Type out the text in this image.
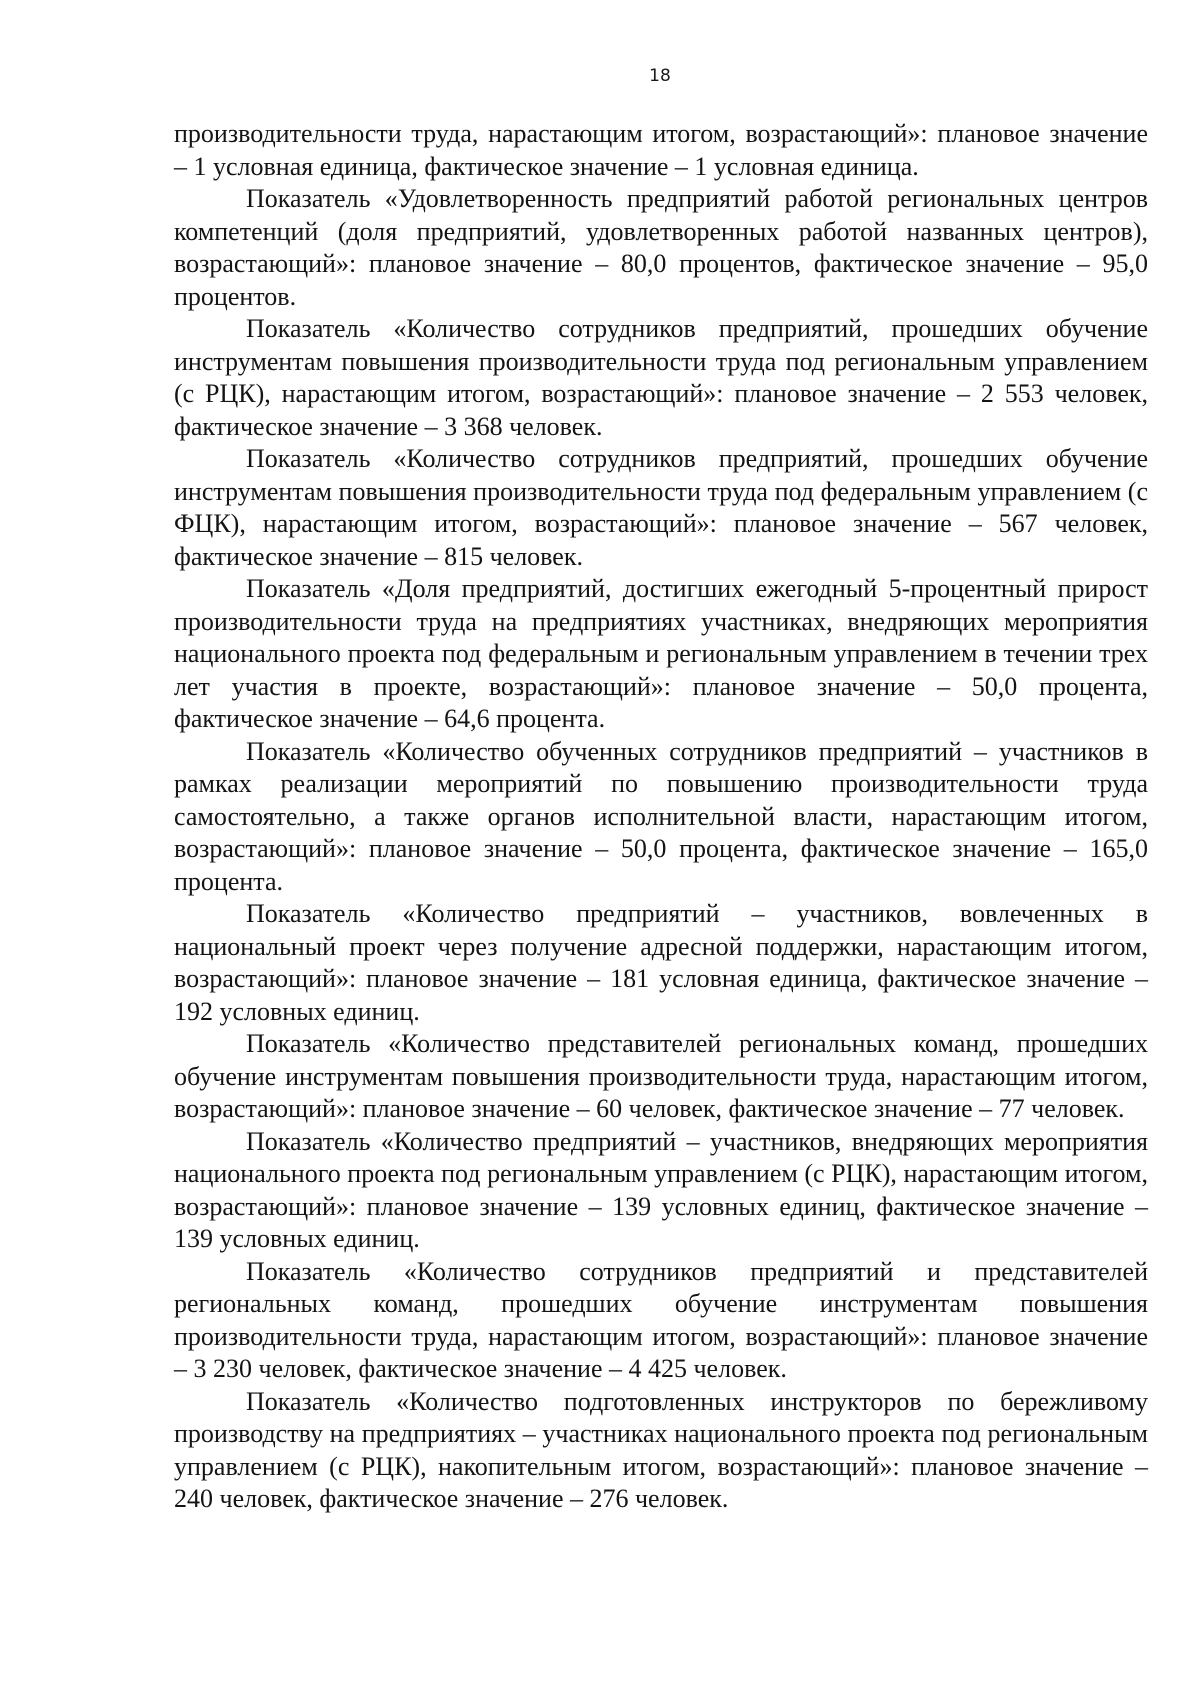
18

производительности труда, нарастающим итогом, возрастающий»: плановое значение – 1 условная единица, фактическое значение – 1 условная единица.

Показатель «Удовлетворенность предприятий работой региональных центров компетенций (доля предприятий, удовлетворенных работой названных центров), возрастающий»: плановое значение – 80,0 процентов, фактическое значение – 95,0 процентов.

Показатель «Количество сотрудников предприятий, прошедших обучение инструментам повышения производительности труда под региональным управлением (с РЦК), нарастающим итогом, возрастающий»: плановое значение – 2 553 человек, фактическое значение – 3 368 человек.

Показатель «Количество сотрудников предприятий, прошедших обучение инструментам повышения производительности труда под федеральным управлением (с ФЦК), нарастающим итогом, возрастающий»: плановое значение – 567 человек, фактическое значение – 815 человек.

Показатель «Доля предприятий, достигших ежегодный 5-процентный прирост производительности труда на предприятиях участниках, внедряющих мероприятия национального проекта под федеральным и региональным управлением в течении трех лет участия в проекте, возрастающий»: плановое значение – 50,0 процента, фактическое значение – 64,6 процента.

Показатель «Количество обученных сотрудников предприятий – участников в рамках реализации мероприятий по повышению производительности труда самостоятельно, а также органов исполнительной власти, нарастающим итогом, возрастающий»: плановое значение – 50,0 процента, фактическое значение – 165,0 процента.

Показатель «Количество предприятий – участников, вовлеченных в национальный проект через получение адресной поддержки, нарастающим итогом, возрастающий»: плановое значение – 181 условная единица, фактическое значение – 192 условных единиц.

Показатель «Количество представителей региональных команд, прошедших обучение инструментам повышения производительности труда, нарастающим итогом, возрастающий»: плановое значение – 60 человек, фактическое значение – 77 человек.

Показатель «Количество предприятий – участников, внедряющих мероприятия национального проекта под региональным управлением (с РЦК), нарастающим итогом, возрастающий»: плановое значение – 139 условных единиц, фактическое значение – 139 условных единиц.

Показатель «Количество сотрудников предприятий и представителей региональных команд, прошедших обучение инструментам повышения производительности труда, нарастающим итогом, возрастающий»: плановое значение – 3 230 человек, фактическое значение – 4 425 человек.

Показатель «Количество подготовленных инструкторов по бережливому производству на предприятиях – участниках национального проекта под региональным управлением (с РЦК), накопительным итогом, возрастающий»: плановое значение – 240 человек, фактическое значение – 276 человек.
